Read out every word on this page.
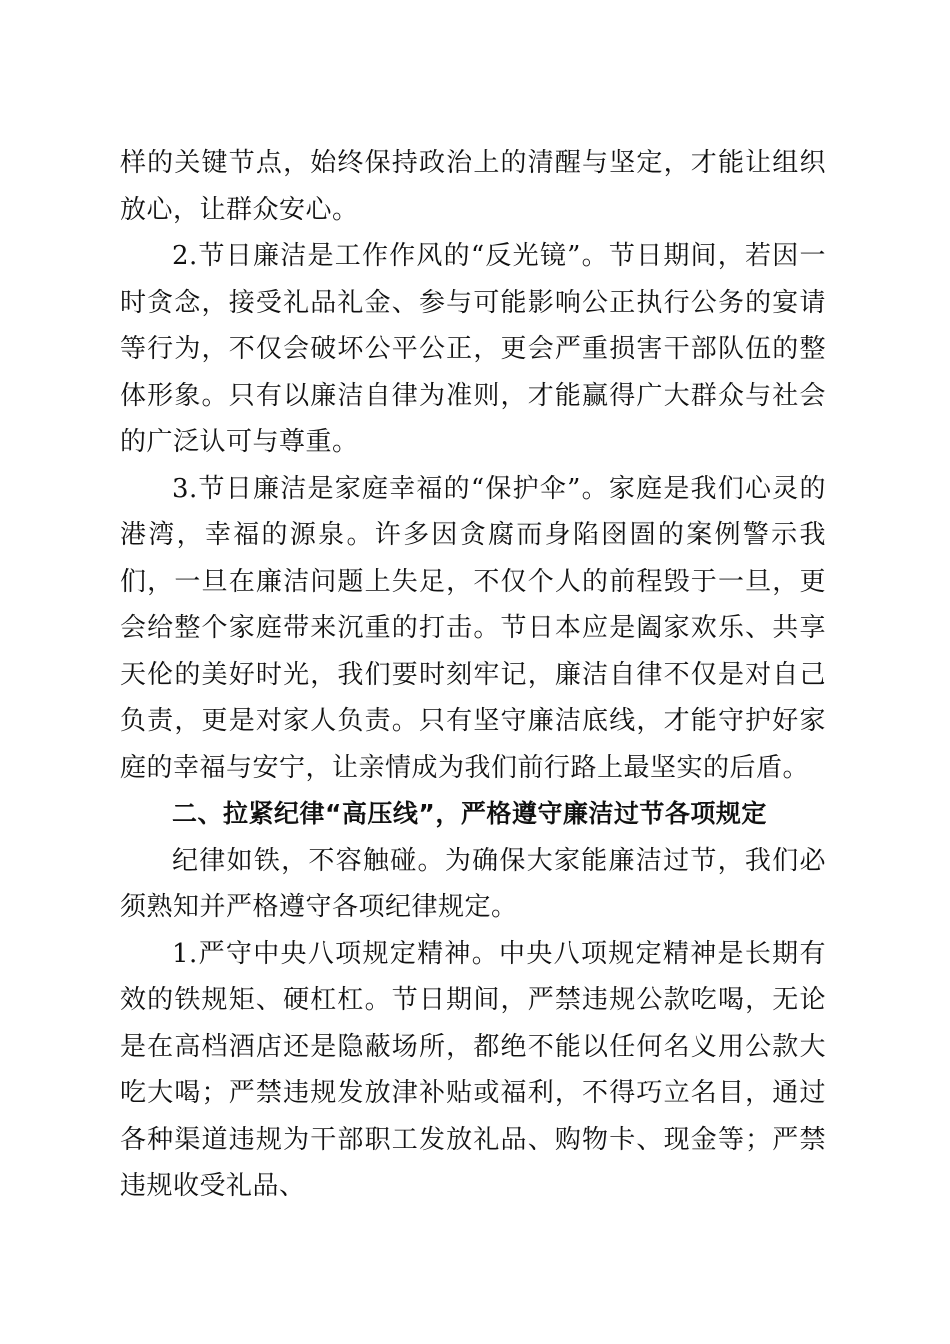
样的关键节点，始终保持政治上的清醒与坚定，才能让组织放心，让群众安心。

2.节日廉洁是工作作风的“反光镜”。节日期间，若因一时贪念，接受礼品礼金、参与可能影响公正执行公务的宴请等行为，不仅会破坏公平公正，更会严重损害干部队伍的整体形象。只有以廉洁自律为准则，才能赢得广大群众与社会的广泛认可与尊重。

3.节日廉洁是家庭幸福的“保护伞”。家庭是我们心灵的港湾，幸福的源泉。许多因贪腐而身陷囹圄的案例警示我们，一旦在廉洁问题上失足，不仅个人的前程毁于一旦，更会给整个家庭带来沉重的打击。节日本应是阖家欢乐、共享天伦的美好时光，我们要时刻牢记，廉洁自律不仅是对自己负责，更是对家人负责。只有坚守廉洁底线，才能守护好家庭的幸福与安宁，让亲情成为我们前行路上最坚实的后盾。

二、拉紧纪律“高压线”，严格遵守廉洁过节各项规定

纪律如铁，不容触碰。为确保大家能廉洁过节，我们必须熟知并严格遵守各项纪律规定。

1.严守中央八项规定精神。中央八项规定精神是长期有效的铁规矩、硬杠杠。节日期间，严禁违规公款吃喝，无论是在高档酒店还是隐蔽场所，都绝不能以任何名义用公款大吃大喝；严禁违规发放津补贴或福利，不得巧立名目，通过各种渠道违规为干部职工发放礼品、购物卡、现金等；严禁违规收受礼品、
